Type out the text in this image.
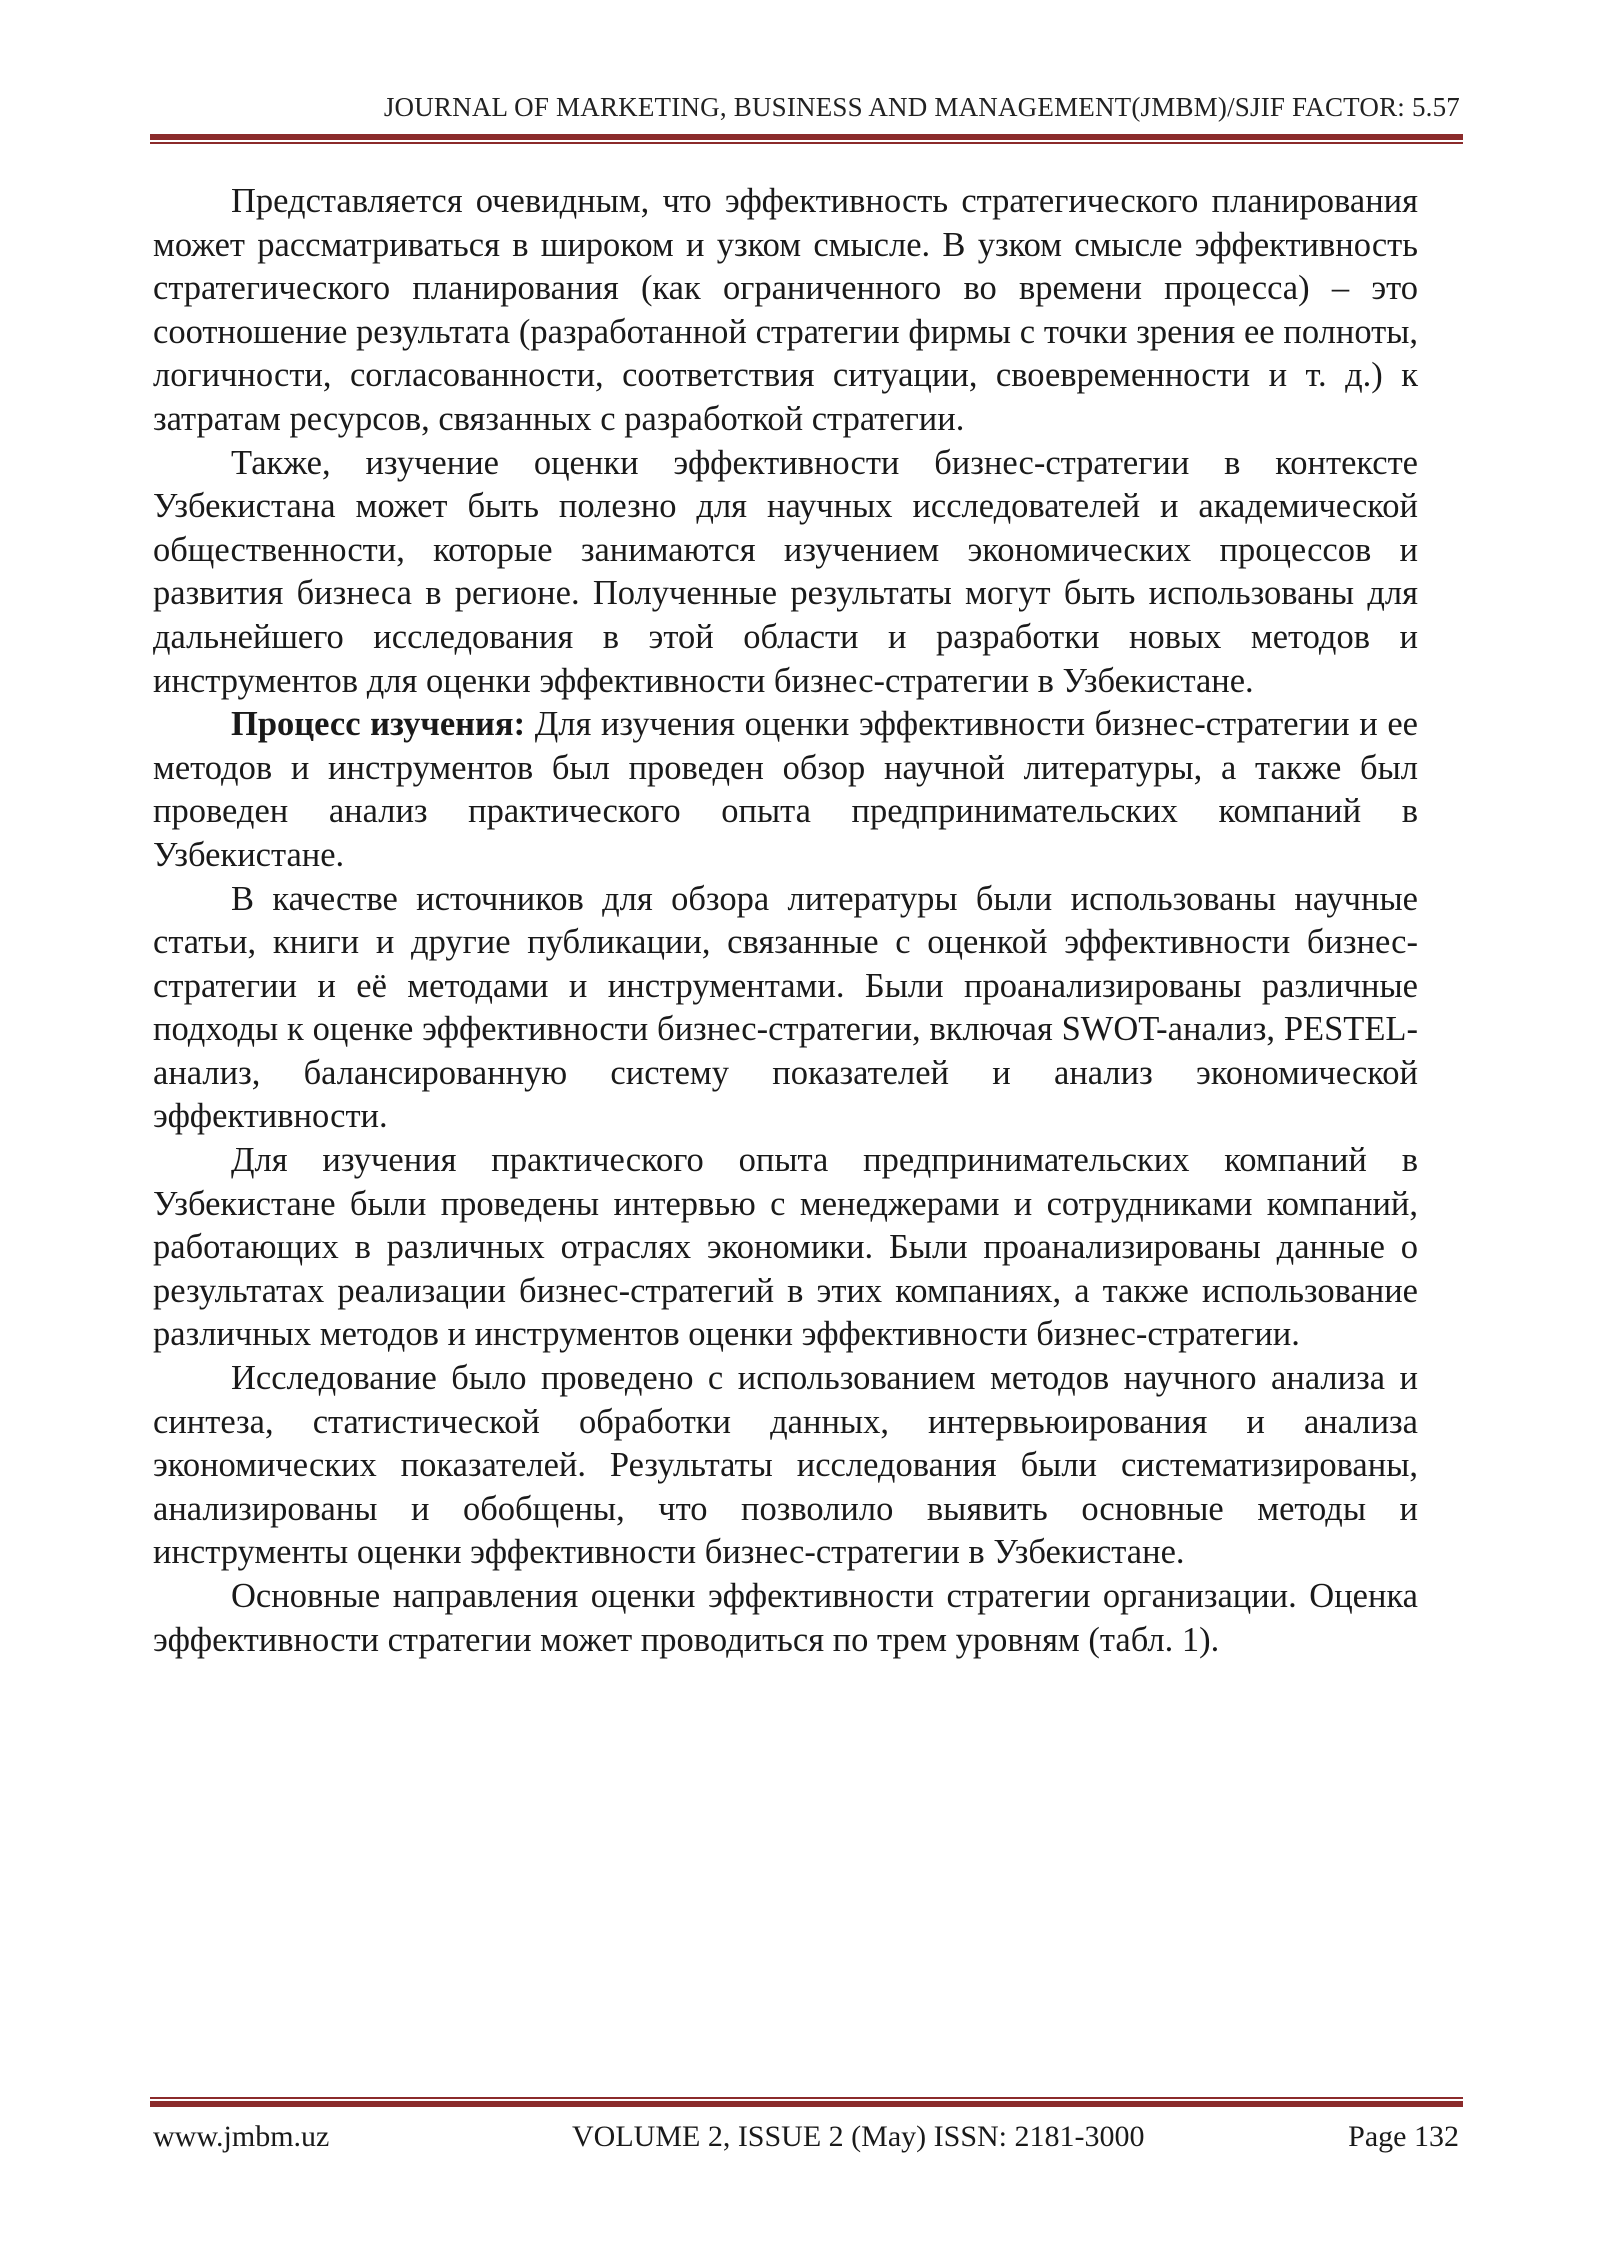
JOURNAL OF MARKETING, BUSINESS AND MANAGEMENT(JMBM)/SJIF FACTOR: 5.57

Представляется очевидным, что эффективность стратегического планирования может рассматриваться в широком и узком смысле. В узком смысле эффективность стратегического планирования (как ограниченного во времени процесса) – это соотношение результата (разработанной стратегии фирмы с точки зрения ее полноты, логичности, согласованности, соответствия ситуации, своевременности и т. д.) к затратам ресурсов, связанных с разработкой стратегии.

Также, изучение оценки эффективности бизнес-стратегии в контексте Узбекистана может быть полезно для научных исследователей и академической общественности, которые занимаются изучением экономических процессов и развития бизнеса в регионе. Полученные результаты могут быть использованы для дальнейшего исследования в этой области и разработки новых методов и инструментов для оценки эффективности бизнес-стратегии в Узбекистане.

Процесс изучения: Для изучения оценки эффективности бизнес-стратегии и ее методов и инструментов был проведен обзор научной литературы, а также был проведен анализ практического опыта предпринимательских компаний в Узбекистане.

В качестве источников для обзора литературы были использованы научные статьи, книги и другие публикации, связанные с оценкой эффективности бизнес-стратегии и её методами и инструментами. Были проанализированы различные подходы к оценке эффективности бизнес-стратегии, включая SWOT-анализ, PESTEL-анализ, балансированную систему показателей и анализ экономической эффективности.

Для изучения практического опыта предпринимательских компаний в Узбекистане были проведены интервью с менеджерами и сотрудниками компаний, работающих в различных отраслях экономики. Были проанализированы данные о результатах реализации бизнес-стратегий в этих компаниях, а также использование различных методов и инструментов оценки эффективности бизнес-стратегии.

Исследование было проведено с использованием методов научного анализа и синтеза, статистической обработки данных, интервьюирования и анализа экономических показателей. Результаты исследования были систематизированы, анализированы и обобщены, что позволило выявить основные методы и инструменты оценки эффективности бизнес-стратегии в Узбекистане.

Основные направления оценки эффективности стратегии организации. Оценка эффективности стратегии может проводиться по трем уровням (табл. 1).

www.jmbm.uz	VOLUME 2, ISSUE 2 (May) ISSN: 2181-3000	Page 132
